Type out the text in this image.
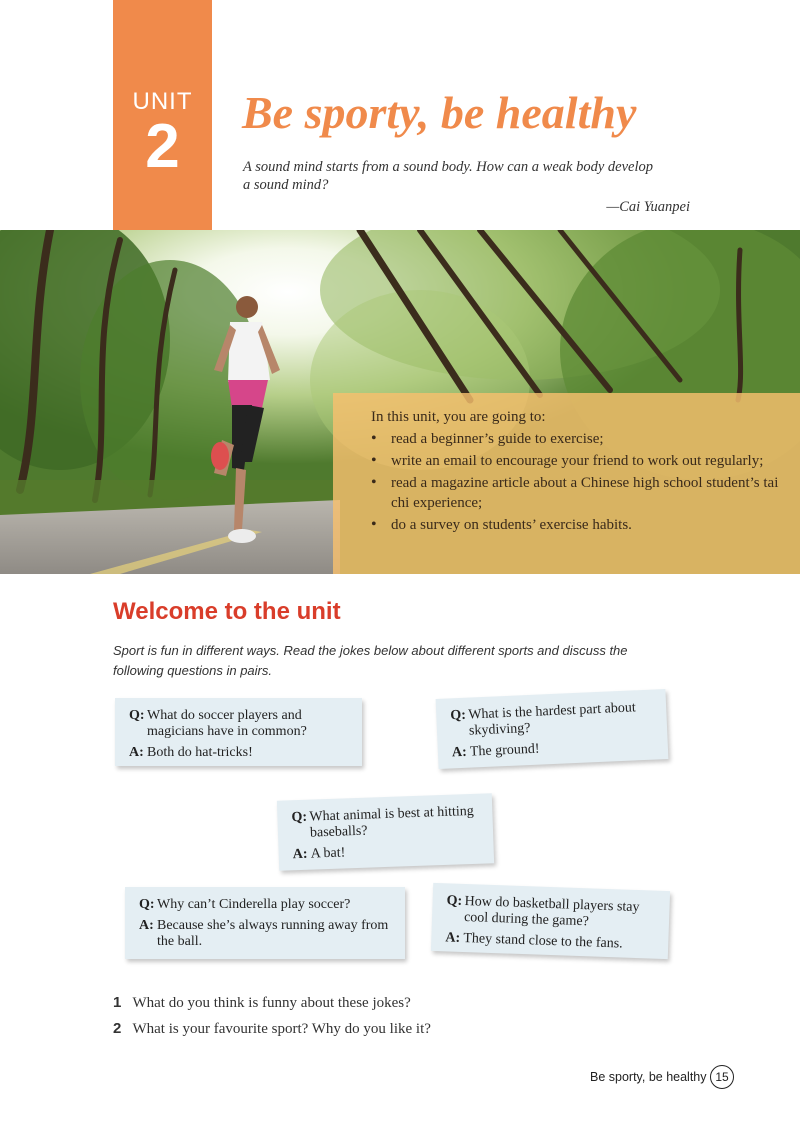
UNIT
2	Be sporty, be healthy
A sound mind starts from a sound body. How can a weak body develop a sound mind?
—Cai Yuanpei
In this unit, you are going to:
• read a beginner’s guide to exercise;
• write an email to encourage your friend to work out regularly;
• read a magazine article about a Chinese high school student’s tai chi experience;
• do a survey on students’ exercise habits.
Welcome to the unit
Sport is fun in different ways. Read the jokes below about different sports and discuss the following questions in pairs.
Q: What do soccer players and magicians have in common?
A: Both do hat-tricks!
Q: What is the hardest part about skydiving?
A: The ground!
Q: What animal is best at hitting baseballs?
A: A bat!
Q: Why can’t Cinderella play soccer?
A: Because she’s always running away from the ball.
Q: How do basketball players stay cool during the game?
A: They stand close to the fans.
1 What do you think is funny about these jokes?
2 What is your favourite sport? Why do you like it?
Be sporty, be healthy 15
